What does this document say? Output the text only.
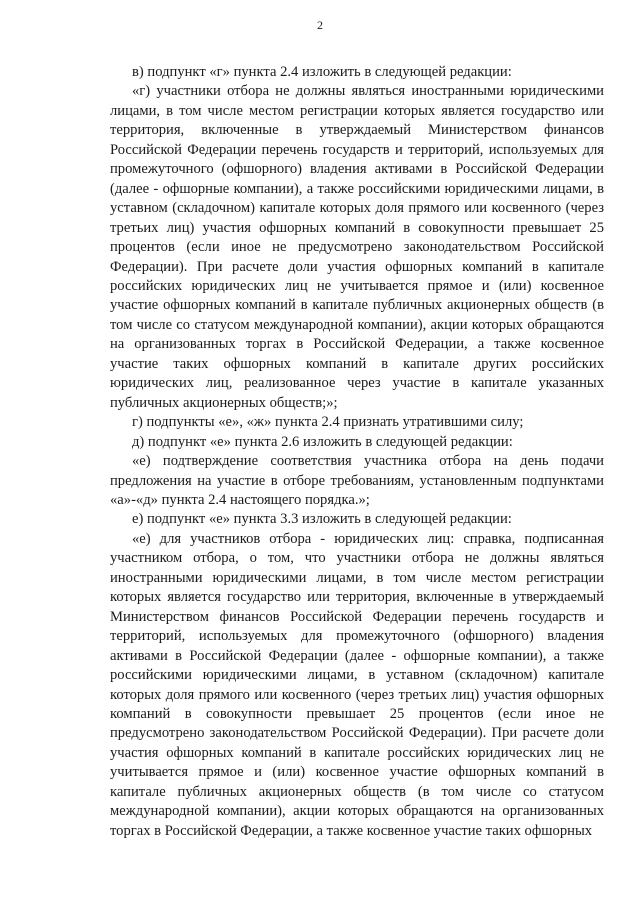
2

в) подпункт «г» пункта 2.4 изложить в следующей редакции:

«г) участники отбора не должны являться иностранными юридическими лицами, в том числе местом регистрации которых является государство или территория, включенные в утверждаемый Министерством финансов Российской Федерации перечень государств и территорий, используемых для промежуточного (офшорного) владения активами в Российской Федерации (далее - офшорные компании), а также российскими юридическими лицами, в уставном (складочном) капитале которых доля прямого или косвенного (через третьих лиц) участия офшорных компаний в совокупности превышает 25 процентов (если иное не предусмотрено законодательством Российской Федерации). При расчете доли участия офшорных компаний в капитале российских юридических лиц не учитывается прямое и (или) косвенное участие офшорных компаний в капитале публичных акционерных обществ (в том числе со статусом международной компании), акции которых обращаются на организованных торгах в Российской Федерации, а также косвенное участие таких офшорных компаний в капитале других российских юридических лиц, реализованное через участие в капитале указанных публичных акционерных обществ;»;

г) подпункты «е», «ж» пункта 2.4 признать утратившими силу;

д) подпункт «е» пункта 2.6 изложить в следующей редакции:

«е) подтверждение соответствия участника отбора на день подачи предложения на участие в отборе требованиям, установленным подпунктами «а»-«д» пункта 2.4 настоящего порядка.»;

е) подпункт «е» пункта 3.3 изложить в следующей редакции:

«е) для участников отбора - юридических лиц: справка, подписанная участником отбора, о том, что участники отбора не должны являться иностранными юридическими лицами, в том числе местом регистрации которых является государство или территория, включенные в утверждаемый Министерством финансов Российской Федерации перечень государств и территорий, используемых для промежуточного (офшорного) владения активами в Российской Федерации (далее - офшорные компании), а также российскими юридическими лицами, в уставном (складочном) капитале которых доля прямого или косвенного (через третьих лиц) участия офшорных компаний в совокупности превышает 25 процентов (если иное не предусмотрено законодательством Российской Федерации). При расчете доли участия офшорных компаний в капитале российских юридических лиц не учитывается прямое и (или) косвенное участие офшорных компаний в капитале публичных акционерных обществ (в том числе со статусом международной компании), акции которых обращаются на организованных торгах в Российской Федерации, а также косвенное участие таких офшорных
